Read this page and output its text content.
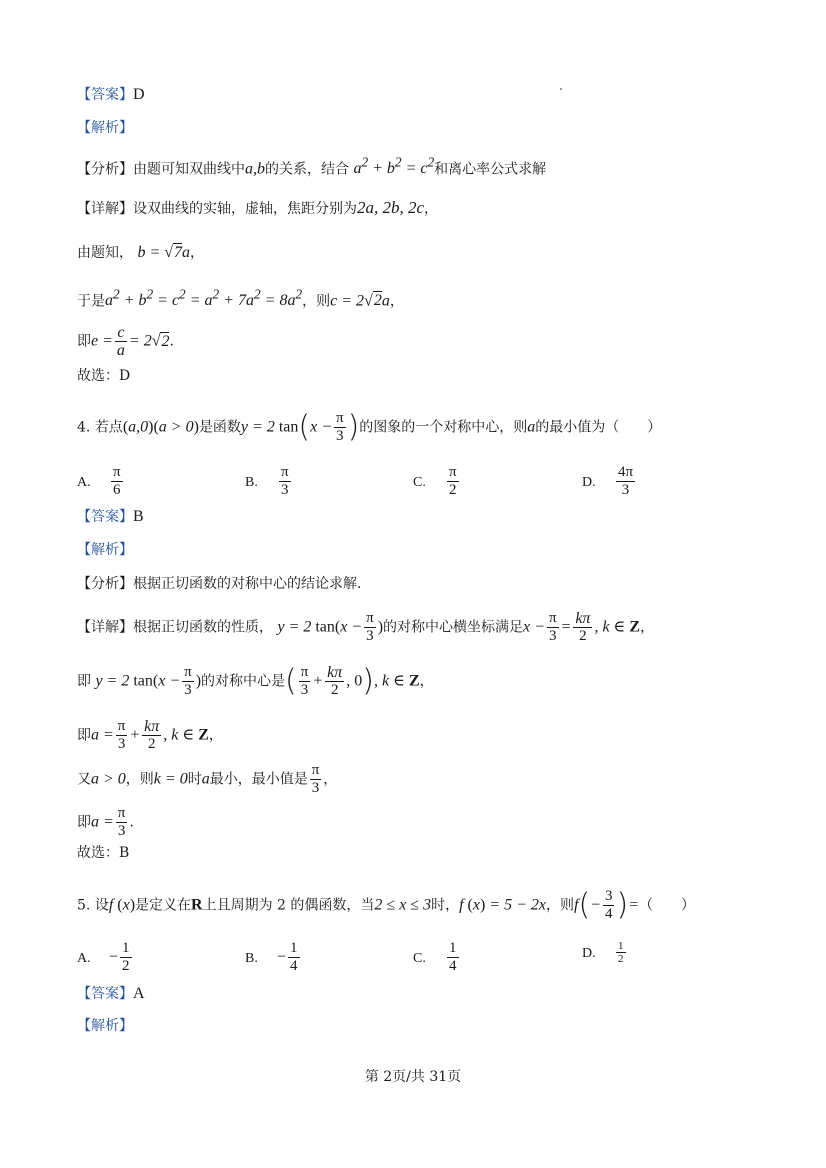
【答案】D
【解析】
【分析】由题可知双曲线中a,b的关系，结合 $a^2 + b^2 = c^2$和离心率公式求解
【详解】设双曲线的实轴，虚轴，焦距分别为2a, 2b, 2c，
由题知， b = √7a，
于是$a^2 + b^2 = c^2 = a^2 + 7a^2 = 8a^2$，则c = 2√2a，
即$e = \frac{c}{a} = 2√2$.
故选：D
4. 若点(a,0)(a > 0)是函数y = 2 $\tan(x - \frac{\pi}{3}$ )的图象的一个对称中心，则a的最小值为（　　）
A. $\frac{\pi}{6}$	B. $\frac{\pi}{3}$	C. $\frac{\pi}{2}$	D. $\frac{4\pi}{3}$
【答案】B
【解析】
【分析】根据正切函数的对称中心的结论求解.
【详解】根据正切函数的性质， y = 2 $\tan(x - \frac{\pi}{3}$ )的对称中心横坐标满足$x - \frac{\pi}{3} = \frac{k\pi}{2}$ , k ∈ Z，
即 y = 2 $\tan(x - \frac{\pi}{3}$ )的对称中心是( $\frac{\pi}{3} + \frac{k\pi}{2}$ , 0), k ∈ Z，
即$a = \frac{\pi}{3} + \frac{k\pi}{2}$ , k ∈ Z，
又a > 0，则k = 0时a最小，最小值是 $\frac{\pi}{3}$ ，
即$a = \frac{\pi}{3}$ .
故选：B
5. 设f (x)是定义在R上且周期为 2 的偶函数，当2 ≤ x ≤ 3时，f (x) = 5 − 2x，则$f(- \frac{3}{4}$ )=（　　）
A. − $\frac{1}{2}$	B. − $\frac{1}{4}$	C. $\frac{1}{4}$	D. $\frac{1}{2}$
【答案】A
【解析】
第 2页/共 31页
